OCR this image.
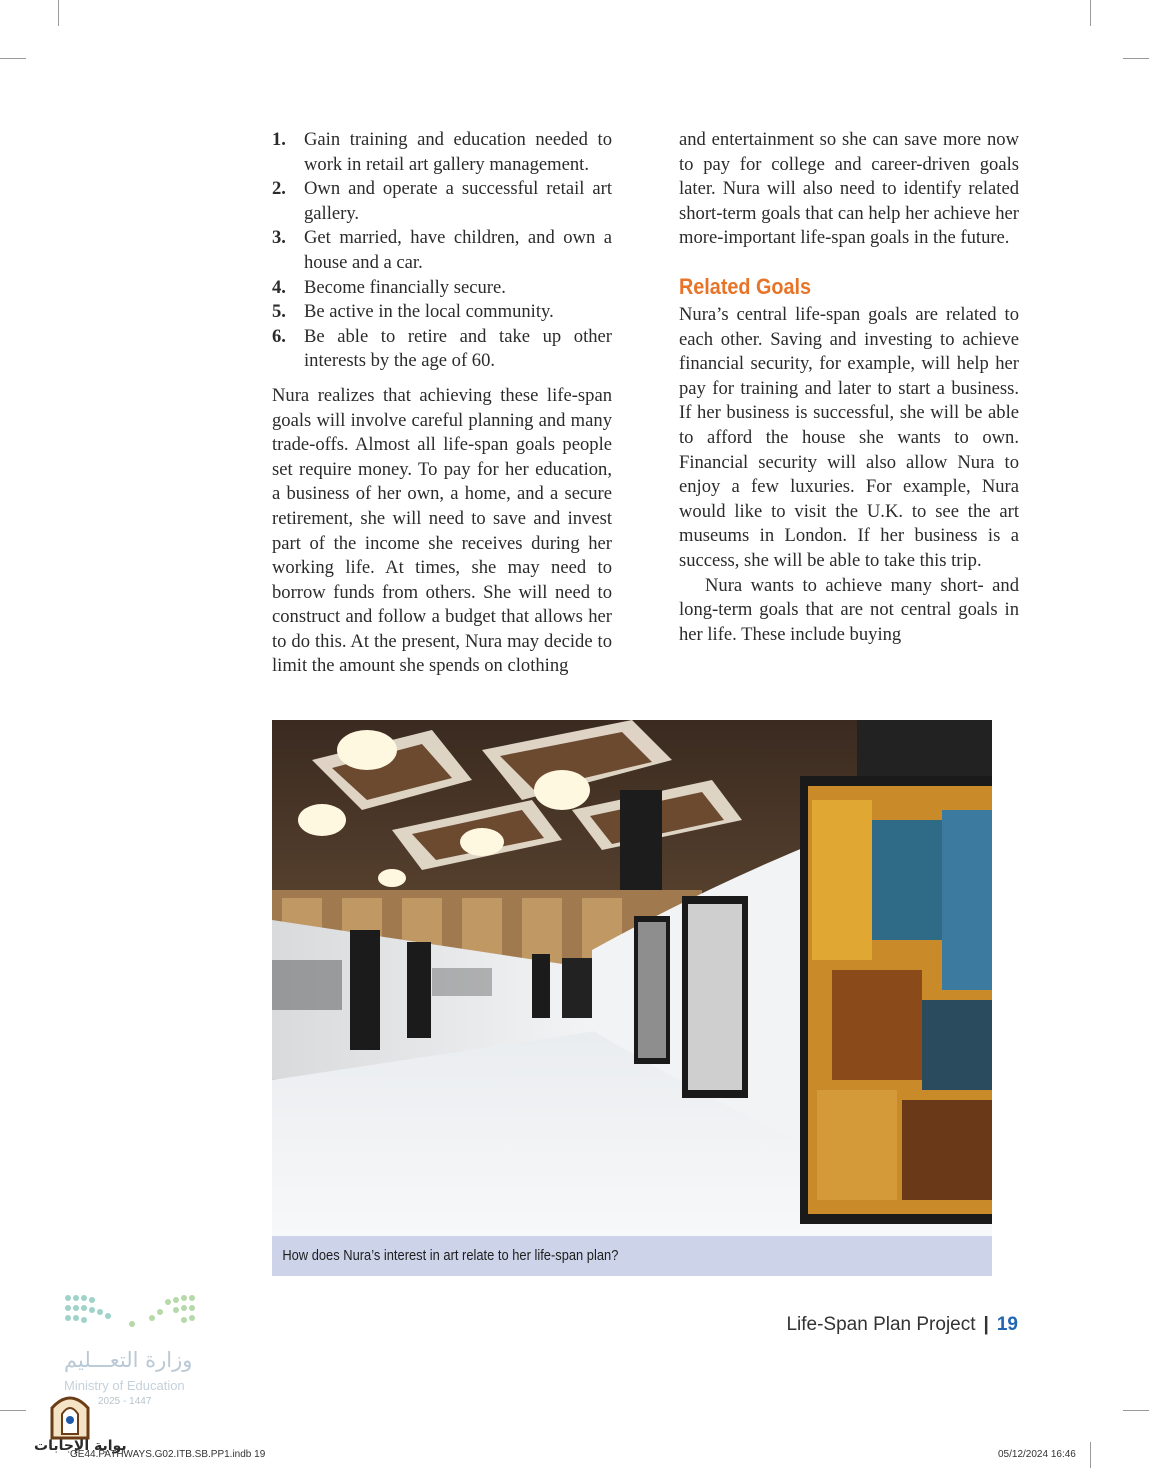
1. Gain training and education needed to work in retail art gallery management.
2. Own and operate a successful retail art gallery.
3. Get married, have children, and own a house and a car.
4. Become financially secure.
5. Be active in the local community.
6. Be able to retire and take up other interests by the age of 60.

Nura realizes that achieving these life-span goals will involve careful planning and many trade-offs. Almost all life-span goals people set require money. To pay for her education, a business of her own, a home, and a secure retirement, she will need to save and invest part of the income she receives during her working life. At times, she may need to borrow funds from others. She will need to construct and follow a budget that allows her to do this. At the present, Nura may decide to limit the amount she spends on clothing

and entertainment so she can save more now to pay for college and career-driven goals later. Nura will also need to identify related short-term goals that can help her achieve her more-important life-span goals in the future.

Related Goals

Nura’s central life-span goals are related to each other. Saving and investing to achieve financial security, for example, will help her pay for training and later to start a business. If her business is successful, she will be able to afford the house she wants to own. Financial security will also allow Nura to enjoy a few luxuries. For example, Nura would like to visit the U.K. to see the art museums in London. If her business is a success, she will be able to take this trip.

Nura wants to achieve many short- and long-term goals that are not central goals in her life. These include buying

How does Nura’s interest in art relate to her life-span plan?
Life-Span Plan Project | 19
وزارة التعـــليم
Ministry of Education
2025 - 1447
بوابة الإجابات
GE44.PATHWAYS.G02.ITB.SB.PP1.indb 19	05/12/2024 16:46
